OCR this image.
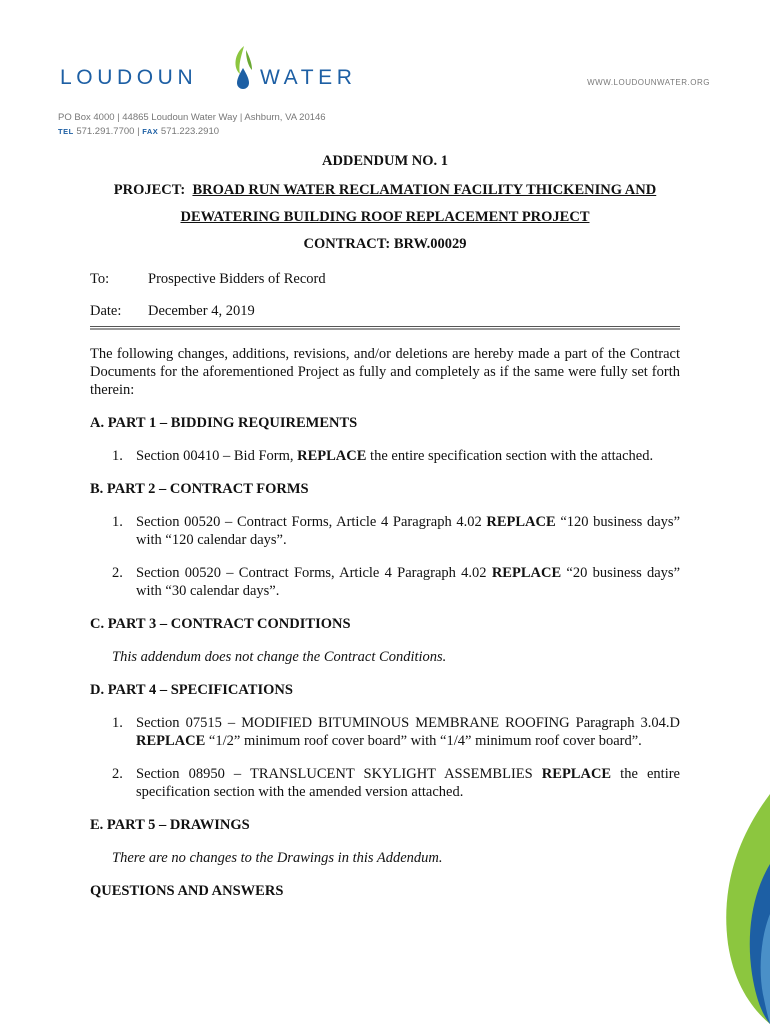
LOUDOUN	WATER	WWW.LOUDOUNWATER.ORG
PO Box 4000 | 44865 Loudoun Water Way | Ashburn, VA 20146
TEL 571.291.7700 | FAX 571.223.2910
ADDENDUM NO. 1
PROJECT: BROAD RUN WATER RECLAMATION FACILITY THICKENING AND
DEWATERING BUILDING ROOF REPLACEMENT PROJECT
CONTRACT: BRW.00029
To:	Prospective Bidders of Record
Date:	December 4, 2019
The following changes, additions, revisions, and/or deletions are hereby made a part of the Contract Documents for the aforementioned Project as fully and completely as if the same were fully set forth therein:
A. PART 1 – BIDDING REQUIREMENTS
1. Section 00410 – Bid Form, REPLACE the entire specification section with the attached.
B. PART 2 – CONTRACT FORMS
1. Section 00520 – Contract Forms, Article 4 Paragraph 4.02 REPLACE “120 business days” with “120 calendar days”.
2. Section 00520 – Contract Forms, Article 4 Paragraph 4.02 REPLACE “20 business days” with “30 calendar days”.
C. PART 3 – CONTRACT CONDITIONS
This addendum does not change the Contract Conditions.
D. PART 4 – SPECIFICATIONS
1. Section 07515 – MODIFIED BITUMINOUS MEMBRANE ROOFING Paragraph 3.04.D REPLACE “1/2” minimum roof cover board” with “1/4” minimum roof cover board”.
2. Section 08950 – TRANSLUCENT SKYLIGHT ASSEMBLIES REPLACE the entire specification section with the amended version attached.
E. PART 5 – DRAWINGS
There are no changes to the Drawings in this Addendum.
QUESTIONS AND ANSWERS
